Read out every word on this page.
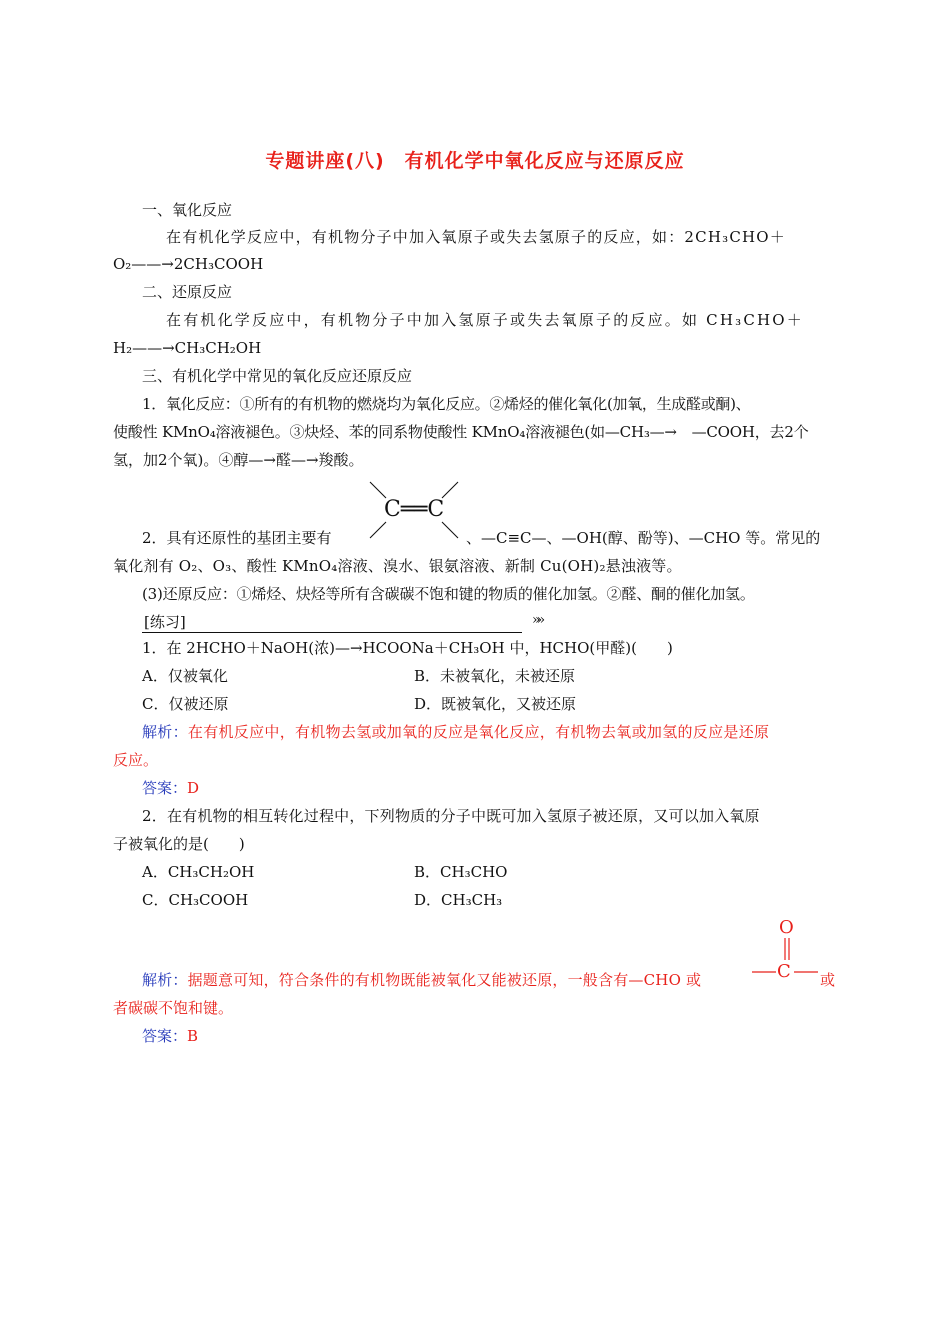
专题讲座(八)　有机化学中氧化反应与还原反应
一、氧化反应
在有机化学反应中，有机物分子中加入氧原子或失去氢原子的反应，如：2CH₃CHO＋
O₂——→2CH₃COOH
二、还原反应
在有机化学反应中，有机物分子中加入氢原子或失去氧原子的反应。如 CH₃CHO＋
H₂——→CH₃CH₂OH
三、有机化学中常见的氧化反应还原反应
1．氧化反应：①所有的有机物的燃烧均为氧化反应。②烯烃的催化氧化(加氧，生成醛或酮)、
使酸性 KMnO₄溶液褪色。③炔烃、苯的同系物使酸性 KMnO₄溶液褪色(如—CH₃—→　—COOH，去2个
氢，加2个氧)。④醇—→醛—→羧酸。
C══C
2．具有还原性的基团主要有	、—C≡C—、—OH(醇、酚等)、—CHO 等。常见的
氧化剂有 O₂、O₃、酸性 KMnO₄溶液、溴水、银氨溶液、新制 Cu(OH)₂悬浊液等。
(3)还原反应：①烯烃、炔烃等所有含碳碳不饱和键的物质的催化加氢。②醛、酮的催化加氢。
[练习]	»»
1．在 2HCHO＋NaOH(浓)—→HCOONa＋CH₃OH 中，HCHO(甲醛)(　　)
A．仅被氧化	B．未被氧化，未被还原
C．仅被还原	D．既被氧化，又被还原
解析：在有机反应中，有机物去氢或加氧的反应是氧化反应，有机物去氧或加氢的反应是还原
反应。
答案：D
2．在有机物的相互转化过程中，下列物质的分子中既可加入氢原子被还原，又可以加入氧原
子被氧化的是(　　)
A．CH₃CH₂OH	B．CH₃CHO
C．CH₃COOH	D．CH₃CH₃
O
C
解析：据题意可知，符合条件的有机物既能被氧化又能被还原，一般含有—CHO 或	或
者碳碳不饱和键。
答案：B
